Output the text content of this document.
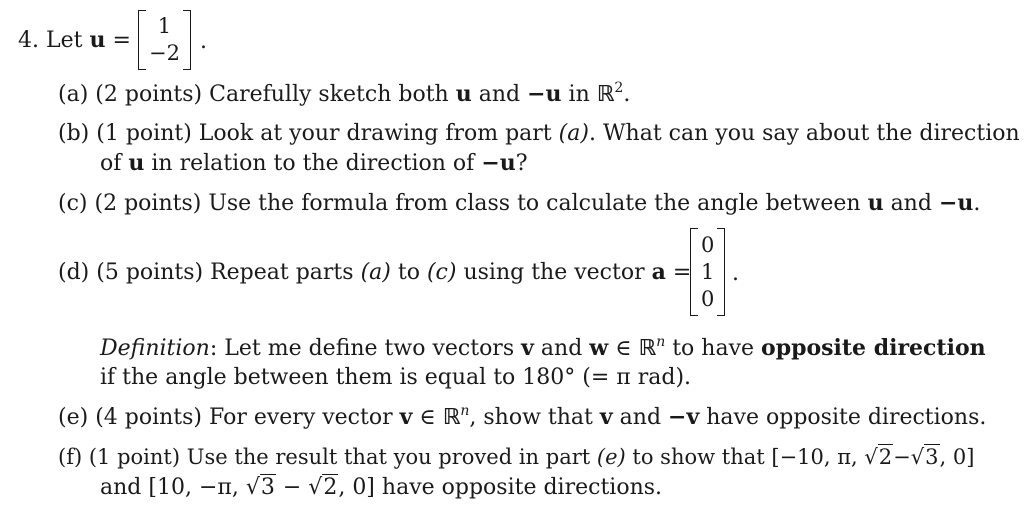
4. Let u =
1
−2 .
(a) (2 points) Carefully sketch both u and −u in ℝ$^2$.
(b) (1 point) Look at your drawing from part (a). What can you say about the direction
of u in relation to the direction of −u?
(c) (2 points) Use the formula from class to calculate the angle between u and −u.
(d) (5 points) Repeat parts (a) to (c) using the vector a =
0
1
0
.
Definition: Let me define two vectors v and w ∈ ℝ$^n$ to have opposite direction
if the angle between them is equal to 180° (= π rad).
(e) (4 points) For every vector v ∈ ℝ$^n$, show that v and −v have opposite directions.
(f) (1 point) Use the result that you proved in part (e) to show that [−10, π, √2−√3, 0]
and [10, −π, √3 − √2, 0] have opposite directions.
